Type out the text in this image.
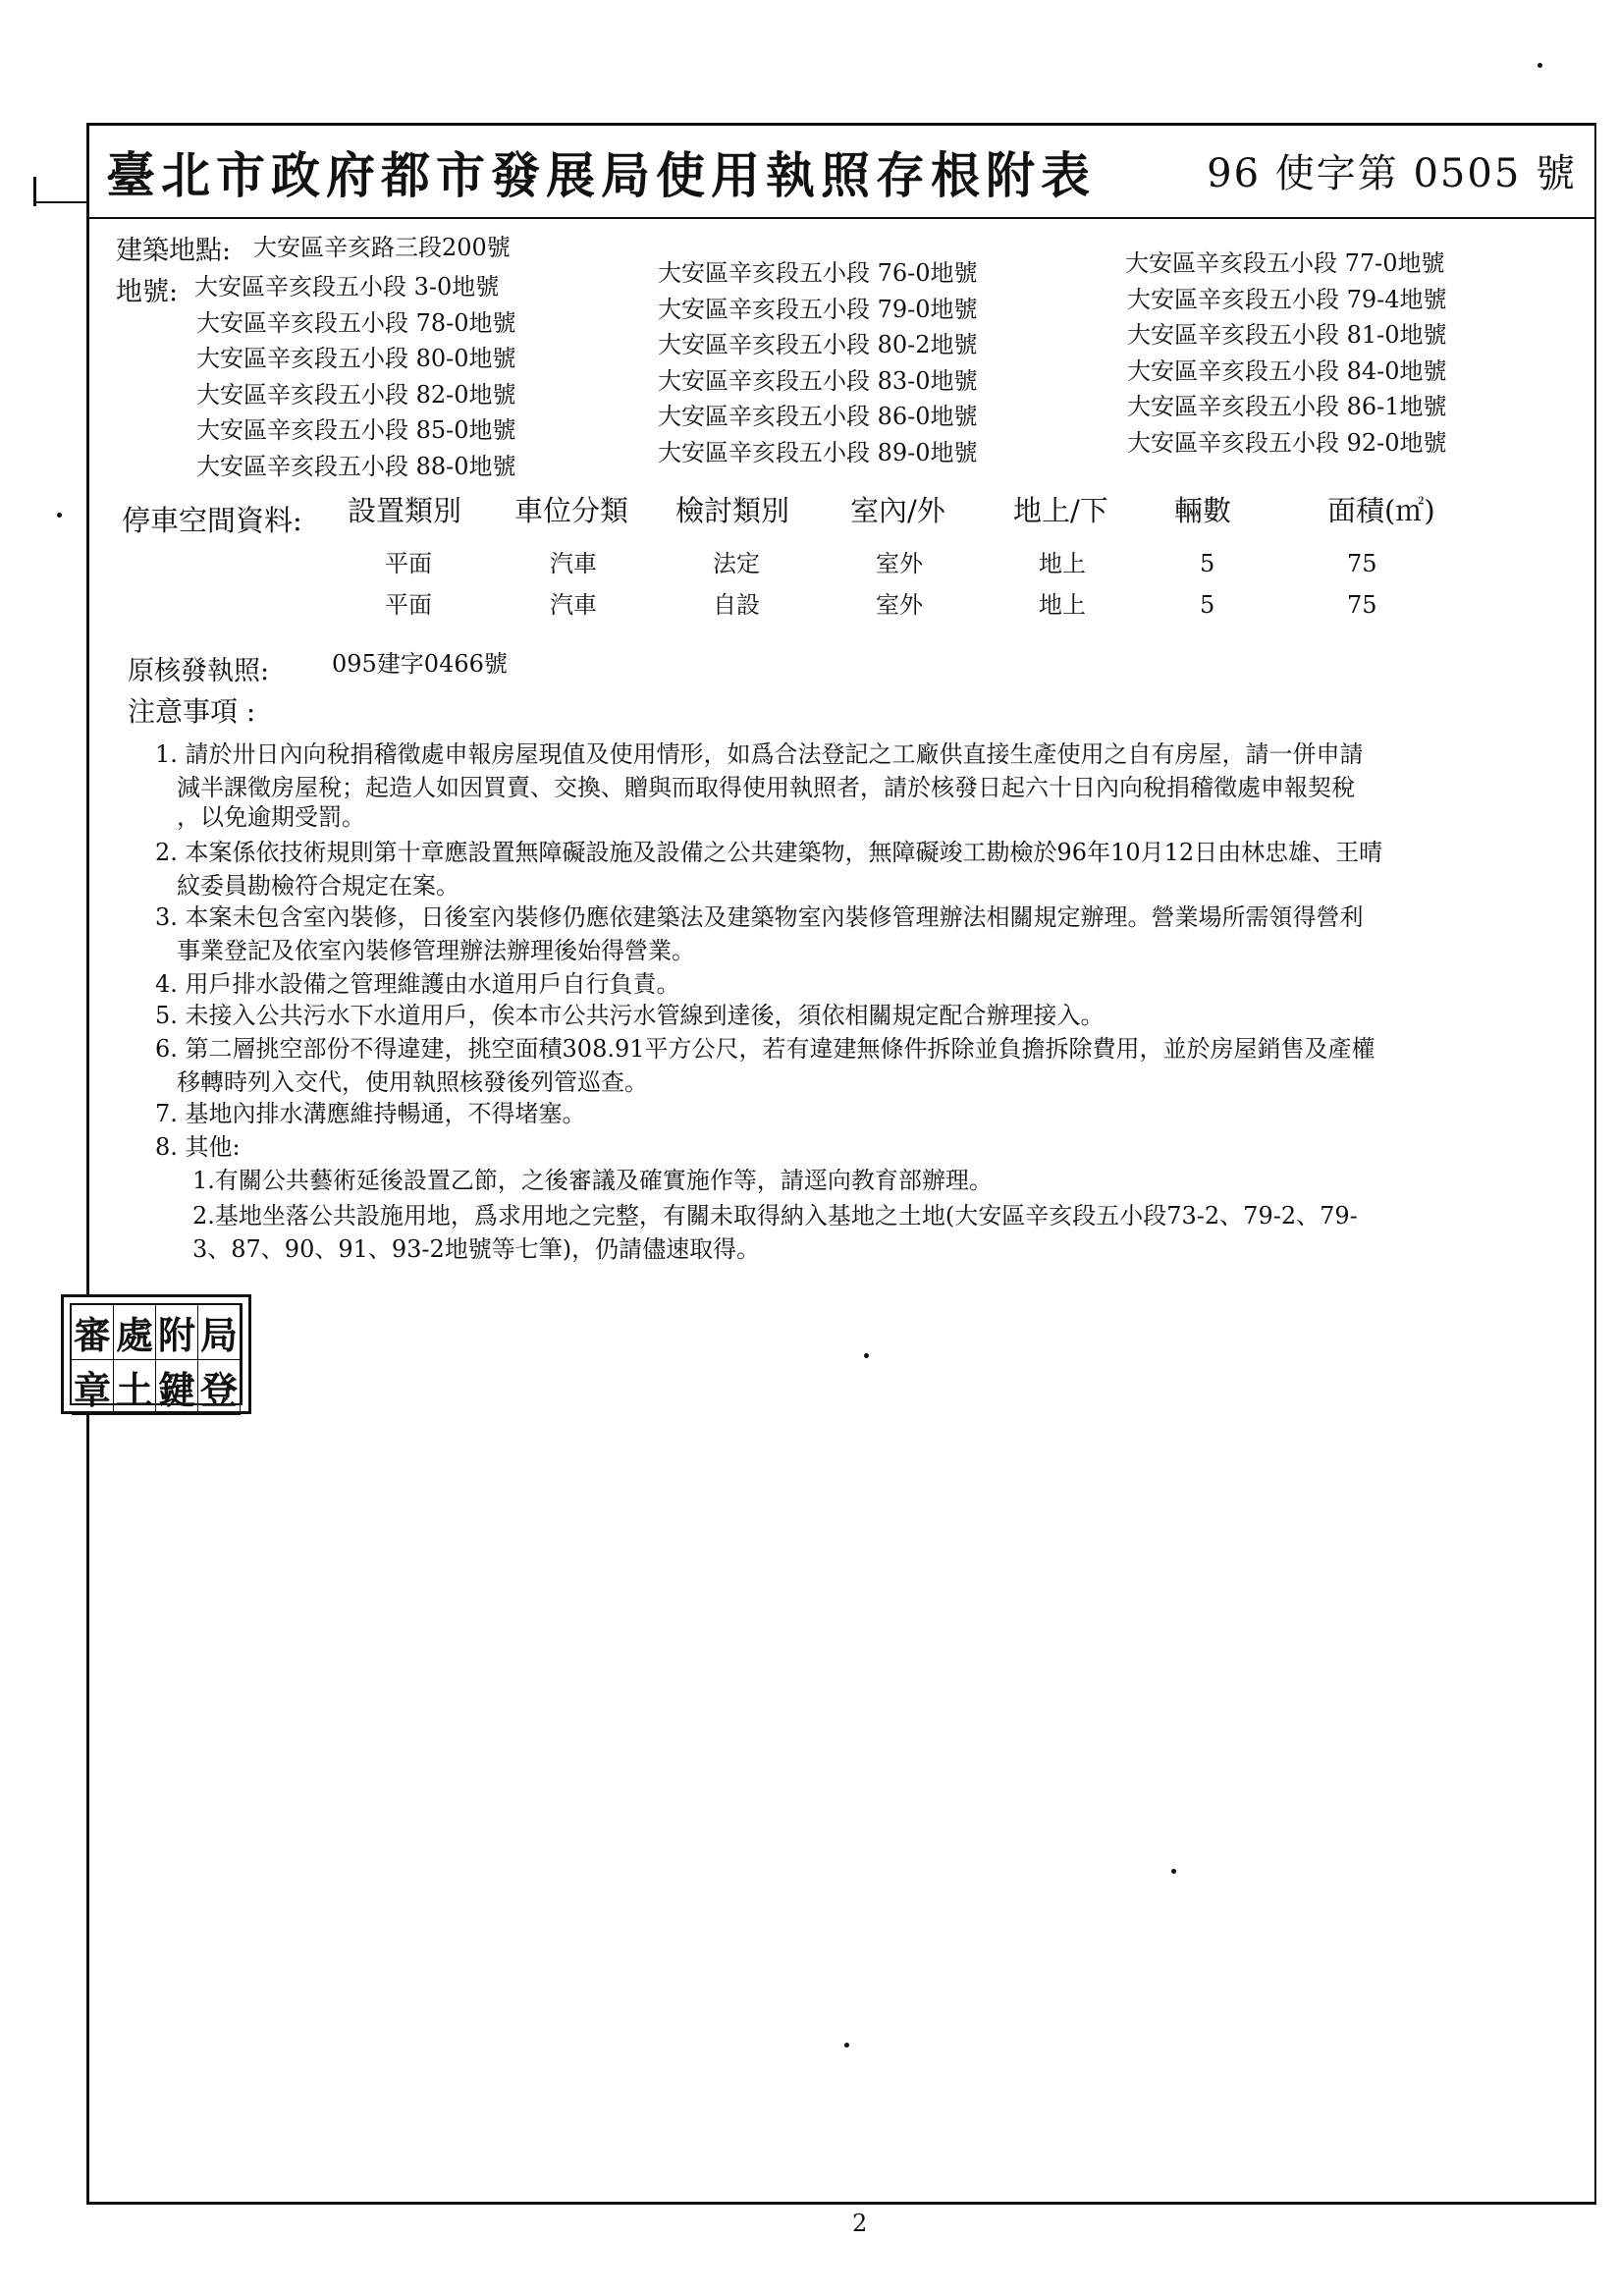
臺北市政府都市發展局使用執照存根附表	96 使字第 0505 號
建築地點: 大安區辛亥路三段200號
地號: 大安區辛亥段五小段 3-0地號
大安區辛亥段五小段 78-0地號
大安區辛亥段五小段 80-0地號
大安區辛亥段五小段 82-0地號
大安區辛亥段五小段 85-0地號
大安區辛亥段五小段 88-0地號
大安區辛亥段五小段 76-0地號
大安區辛亥段五小段 79-0地號
大安區辛亥段五小段 80-2地號
大安區辛亥段五小段 83-0地號
大安區辛亥段五小段 86-0地號
大安區辛亥段五小段 89-0地號
大安區辛亥段五小段 77-0地號
大安區辛亥段五小段 79-4地號
大安區辛亥段五小段 81-0地號
大安區辛亥段五小段 84-0地號
大安區辛亥段五小段 86-1地號
大安區辛亥段五小段 92-0地號
停車空間資料: 設置類別 車位分類 檢討類別 室內/外 地上/下 輛數	面積(㎡)
平面	汽車	法定	室外	地上	5	75
平面	汽車	自設	室外	地上	5	75
原核發執照:	095建字0466號
注意事項 :
1. 請於卅日內向稅捐稽徵處申報房屋現值及使用情形，如爲合法登記之工廠供直接生產使用之自有房屋，請一併申請
減半課徵房屋稅；起造人如因買賣、交換、贈與而取得使用執照者，請於核發日起六十日內向稅捐稽徵處申報契稅
，以免逾期受罰。
2. 本案係依技術規則第十章應設置無障礙設施及設備之公共建築物，無障礙竣工勘檢於96年10月12日由林忠雄、王晴
紋委員勘檢符合規定在案。
3. 本案未包含室內裝修，日後室內裝修仍應依建築法及建築物室內裝修管理辦法相關規定辦理。營業場所需領得營利
事業登記及依室內裝修管理辦法辦理後始得營業。
4. 用戶排水設備之管理維護由水道用戶自行負責。
5. 未接入公共污水下水道用戶，俟本市公共污水管線到達後，須依相關規定配合辦理接入。
6. 第二層挑空部份不得違建，挑空面積308.91平方公尺，若有違建無條件拆除並負擔拆除費用，並於房屋銷售及產權
移轉時列入交代，使用執照核發後列管巡查。
7. 基地內排水溝應維持暢通，不得堵塞。
8. 其他:
1.有關公共藝術延後設置乙節，之後審議及確實施作等，請逕向教育部辦理。
2.基地坐落公共設施用地，爲求用地之完整，有關未取得納入基地之土地(大安區辛亥段五小段73-2、79-2、79-
3、87、90、91、93-2地號等七筆)，仍請儘速取得。
審 處 附 局
章 土 鍵 登
2
